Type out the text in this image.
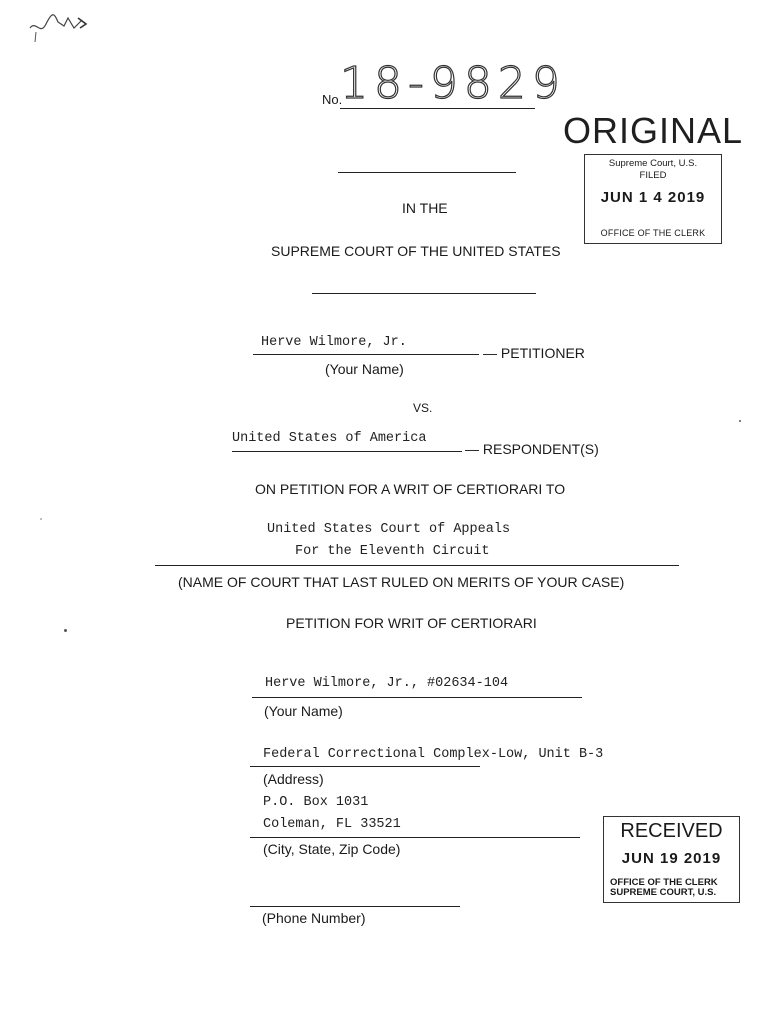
No.
18-9829
ORIGINAL
Supreme Court, U.S.
FILED
JUN 1 4 2019
OFFICE OF THE CLERK
IN THE
SUPREME COURT OF THE UNITED STATES
Herve Wilmore, Jr.
— PETITIONER
(Your Name)
VS.
United States of America
— RESPONDENT(S)
ON PETITION FOR A WRIT OF CERTIORARI TO
United States Court of Appeals
For the Eleventh Circuit
(NAME OF COURT THAT LAST RULED ON MERITS OF YOUR CASE)
PETITION FOR WRIT OF CERTIORARI
Herve Wilmore, Jr., #02634-104
(Your Name)
Federal Correctional Complex-Low, Unit B-3
(Address)
P.O. Box 1031
Coleman, FL 33521
(City, State, Zip Code)
(Phone Number)
RECEIVED
JUN 19 2019
OFFICE OF THE CLERK
SUPREME COURT, U.S.
